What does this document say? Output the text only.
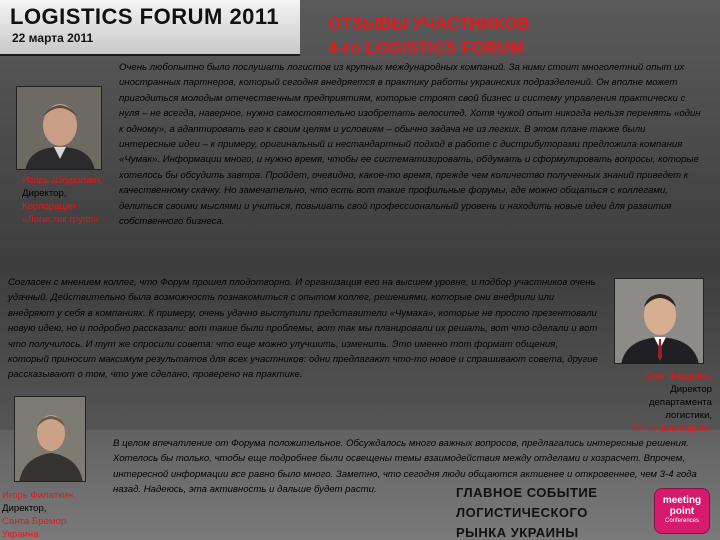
LOGISTICS FORUM 2011
22 марта 2011
ОТЗЫВЫ УЧАСТНИКОВ
4-го LOGISTICS FORUM
Игорь Шкуропат,
Директор,
Корпорация
«Логистик групп»
Очень любопытно было послушать логистов из крупных международных компаний. За ними стоит многолетний опыт их иностранных партнеров, который сегодня внедряется в практику работы украинских подразделений. Он вполне может пригодиться молодым отечественным предприятиям, которые строят свой бизнес и систему управления практически с нуля – не всегда, наверное, нужно самостоятельно изобретать велосипед. Хотя чужой опыт никогда нельзя перенять «один к одному», а адаптировать его к своим целям и условиям – обычно задача не из легких. В этом плане также были интересные идеи – к примеру, оригинальный и нестандартный подход в работе с дистрибуторами предложила компания «Чумак». Информации много, и нужно время, чтобы ее систематизировать, обдумать и сформулировать вопросы, которые хотелось бы обсудить завтра. Пройдет, очевидно, какое-то время, прежде чем количество полученных знаний приведет к качественному скачку. Но замечательно, что есть вот такие профильные форумы, где можно общаться с коллегами, делиться своими мыслями и учиться, повышать свой профессиональный уровень и находить новые идеи для развития собственного бизнеса.
Согласен с мнением коллег, что Форум прошел плодотворно. И организация его на высшем уровне, и подбор участников очень удачный. Действительно была возможность познакомиться с опытом коллег, решениями, которые они внедрили или внедряют у себя в компаниях. К примеру, очень удачно выступили представители «Чумака», которые не просто презентовали новую идею, но и подробно рассказали: вот такие были проблемы, вот так мы планировали их решать, вот что сделали и вот что получилось. И тут же спросили совета: что еще можно улучшить, изменить. Это именно тот формат общения, который приносит максимум результатов для всех участников: одни предлагают что-то новое и спрашивают совета, другие рассказывают о том, что уже сделано, проверено на практике.	Олег Фещенко,
Директор
департамента
логистики,
ГК «Рідна марка»
Игорь Филаткин,
Директор,
Санта Бремор
Украина
В целом впечатление от Форума положительное. Обсуждалось много важных вопросов, предлагались интересные решения. Хотелось бы только, чтобы еще подробнее были освещены темы взаимодействия между отделами и хозрасчет. Впрочем, интересной информации все равно было много. Заметно, что сегодня люди общаются активнее и откровеннее, чем 3-4 года назад. Надеюсь, эта активность и дальше будет расти.	ГЛАВНОЕ СОБЫТИЕ
ЛОГИСТИЧЕСКОГО
РЫНКА УКРАИНЫ
meeting
point
Conferences
